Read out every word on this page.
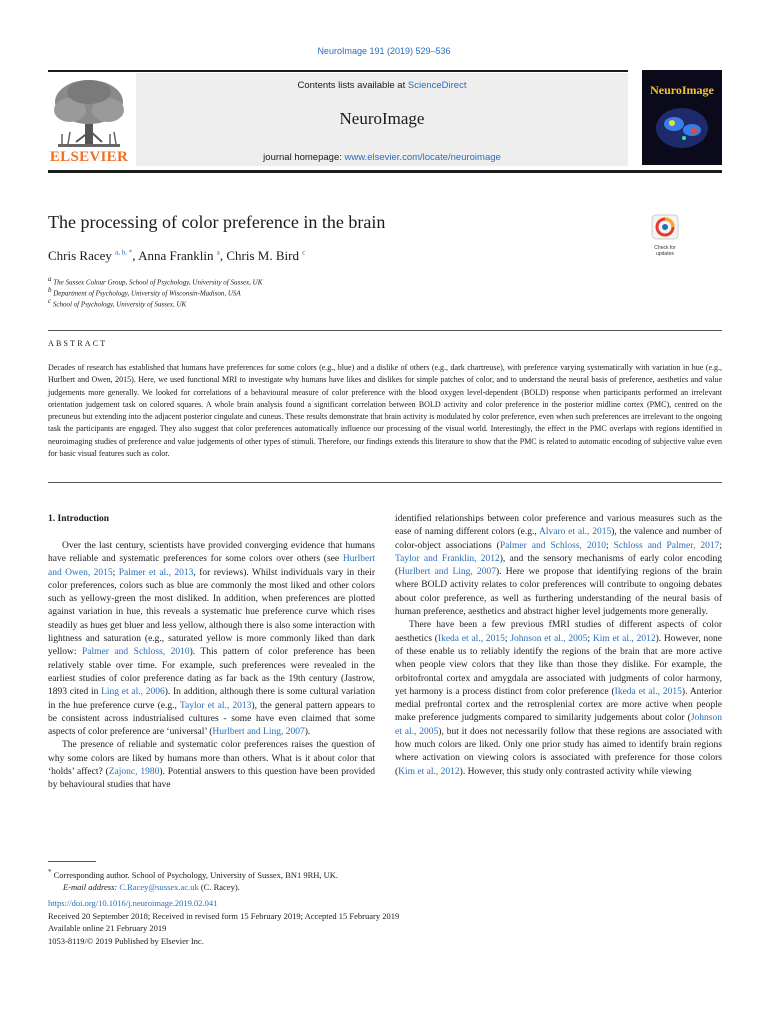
NeuroImage 191 (2019) 529–536
ELSEVIER
Contents lists available at ScienceDirect
NeuroImage
journal homepage: www.elsevier.com/locate/neuroimage
NeuroImage
The processing of color preference in the brain
Chris Racey $^{a, b, *}$, Anna Franklin $^a$, Chris M. Bird $^c$
$^a$ The Sussex Colour Group, School of Psychology, University of Sussex, UK
$^b$ Department of Psychology, University of Wisconsin-Madison, USA
$^c$ School of Psychology, University of Sussex, UK
Check for updates
ABSTRACT
Decades of research has established that humans have preferences for some colors (e.g., blue) and a dislike of others (e.g., dark chartreuse), with preference varying systematically with variation in hue (e.g., Hurlbert and Owen, 2015). Here, we used functional MRI to investigate why humans have likes and dislikes for simple patches of color, and to understand the neural basis of preference, aesthetics and value judgements more generally. We looked for correlations of a behavioural measure of color preference with the blood oxygen level-dependent (BOLD) response when participants performed an irrelevant orientation judgement task on colored squares. A whole brain analysis found a significant correlation between BOLD activity and color preference in the posterior midline cortex (PMC), centred on the precuneus but extending into the adjacent posterior cingulate and cuneus. These results demonstrate that brain activity is modulated by color preference, even when such preferences are irrelevant to the ongoing task the participants are engaged. They also suggest that color preferences automatically influence our processing of the visual world. Interestingly, the effect in the PMC overlaps with regions identified in neuroimaging studies of preference and value judgements of other types of stimuli. Therefore, our findings extends this literature to show that the PMC is related to automatic encoding of subjective value even for basic visual features such as color.
1. Introduction

Over the last century, scientists have provided converging evidence that humans have reliable and systematic preferences for some colors over others (see Hurlbert and Owen, 2015; Palmer et al., 2013, for reviews). Whilst individuals vary in their color preferences, colors such as blue are commonly the most liked and other colors such as yellowy-green the most disliked. In addition, when preferences are plotted against variation in hue, this reveals a systematic hue preference curve which rises steadily as hues get bluer and less yellow, although there is also some interaction with lightness and saturation (e.g., saturated yellow is more commonly liked than dark yellow: Palmer and Schloss, 2010). This pattern of color preference has been relatively stable over time. For example, such preferences were revealed in the earliest studies of color preference dating as far back as the 19th century (Jastrow, 1893 cited in Ling et al., 2006). In addition, although there is some cultural variation in the hue preference curve (e.g., Taylor et al., 2013), the general pattern appears to be consistent across industrialised cultures - some have even claimed that some aspects of color preference are ‘universal’ (Hurlbert and Ling, 2007).

The presence of reliable and systematic color preferences raises the question of why some colors are liked by humans more than others. What is it about color that ‘holds’ affect? (Zajonc, 1980). Potential answers to this question have been provided by behavioural studies that have

identified relationships between color preference and various measures such as the ease of naming different colors (e.g., Alvaro et al., 2015), the valence and number of color-object associations (Palmer and Schloss, 2010; Schloss and Palmer, 2017; Taylor and Franklin, 2012), and the sensory mechanisms of early color encoding (Hurlbert and Ling, 2007). Here we propose that identifying regions of the brain where BOLD activity relates to color preferences will contribute to ongoing debates about color preference, as well as furthering understanding of the neural basis of human preference, aesthetics and abstract higher level judgements more generally.

There have been a few previous fMRI studies of different aspects of color aesthetics (Ikeda et al., 2015; Johnson et al., 2005; Kim et al., 2012). However, none of these enable us to reliably identify the regions of the brain that are more active when people view colors that they like than those they dislike. For example, the orbitofrontal cortex and amygdala are associated with judgments of color harmony, yet harmony is a process distinct from color preference (Ikeda et al., 2015). Anterior medial prefrontal cortex and the retrosplenial cortex are more active when people make preference judgments compared to similarity judgements about color (Johnson et al., 2005), but it does not necessarily follow that these regions are associated with how much colors are liked. Only one prior study has aimed to identify brain regions where activation on viewing colors is associated with preference for those colors (Kim et al., 2012). However, this study only contrasted activity while viewing

* Corresponding author. School of Psychology, University of Sussex, BN1 9RH, UK.
E-mail address: C.Racey@sussex.ac.uk (C. Racey).
https://doi.org/10.1016/j.neuroimage.2019.02.041
Received 20 September 2018; Received in revised form 15 February 2019; Accepted 15 February 2019
Available online 21 February 2019
1053-8119/© 2019 Published by Elsevier Inc.
